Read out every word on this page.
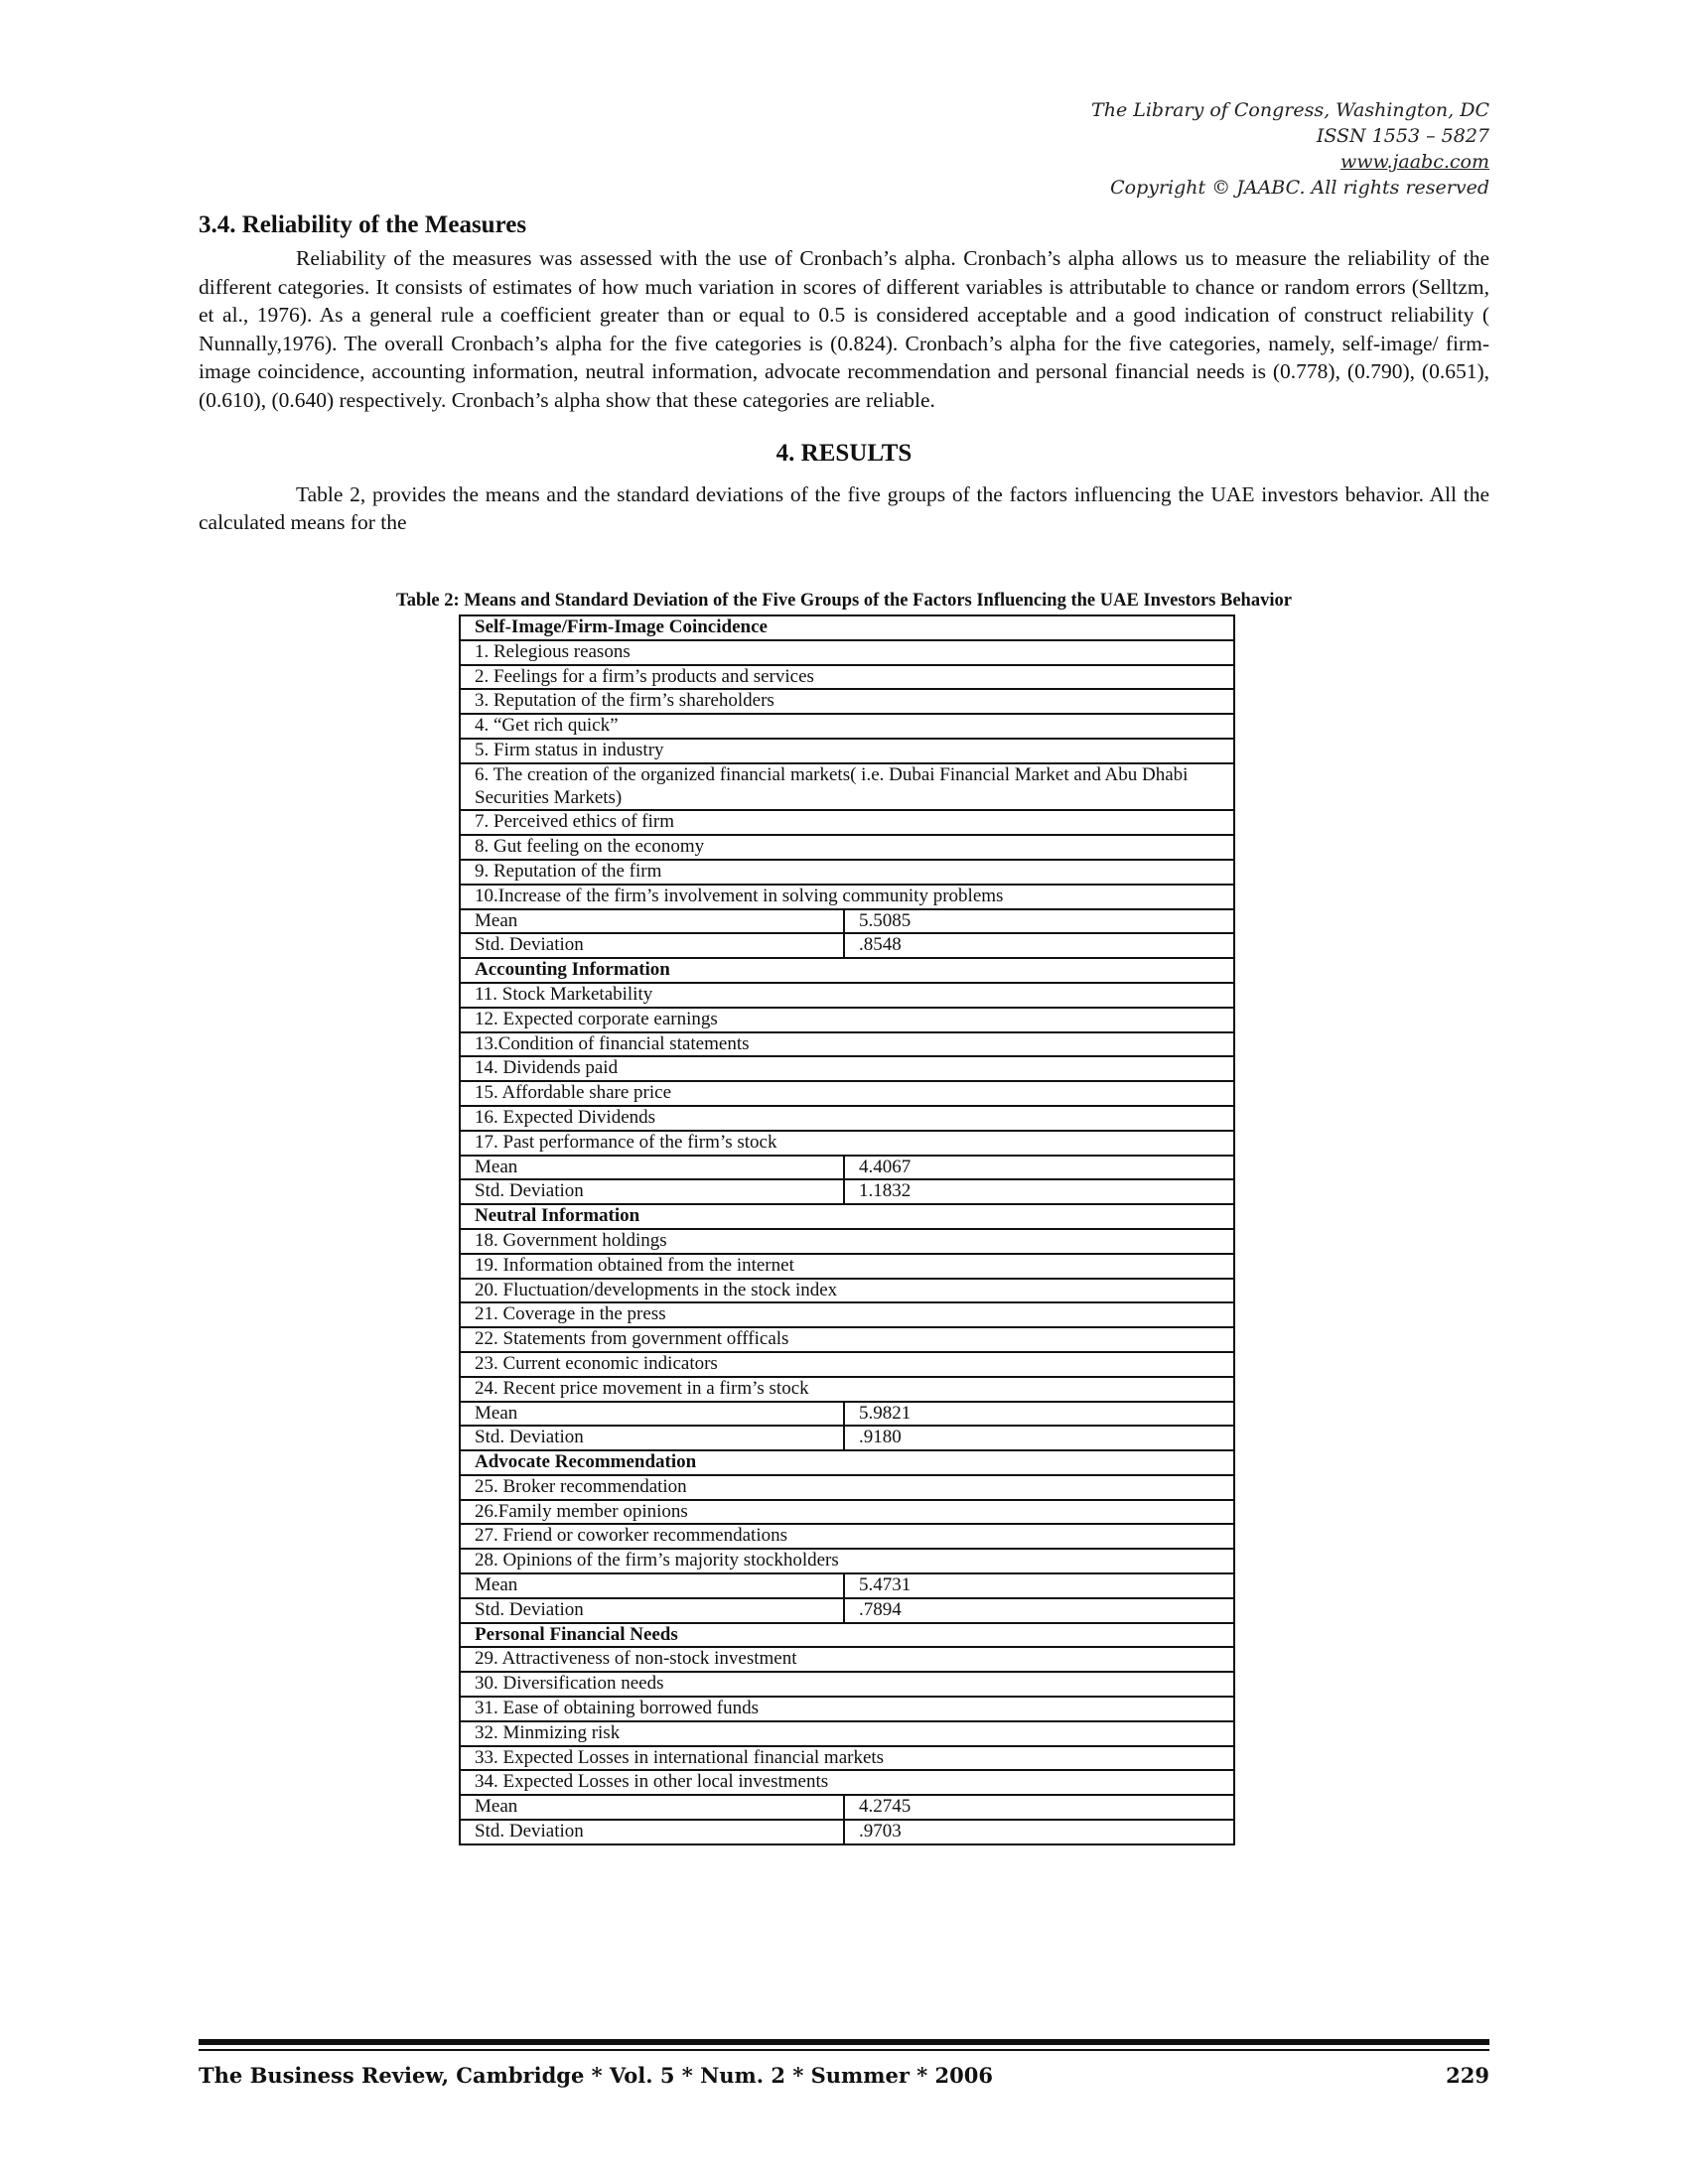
The Library of Congress, Washington, DC
ISSN 1553 – 5827
www.jaabc.com
Copyright © JAABC. All rights reserved
3.4. Reliability of the Measures

Reliability of the measures was assessed with the use of Cronbach’s alpha. Cronbach’s alpha allows us to measure the reliability of the different categories. It consists of estimates of how much variation in scores of different variables is attributable to chance or random errors (Selltzm, et al., 1976). As a general rule a coefficient greater than or equal to 0.5 is considered acceptable and a good indication of construct reliability ( Nunnally,1976). The overall Cronbach’s alpha for the five categories is (0.824). Cronbach’s alpha for the five categories, namely, self-image/ firm-image coincidence, accounting information, neutral information, advocate recommendation and personal financial needs is (0.778), (0.790), (0.651), (0.610), (0.640) respectively. Cronbach’s alpha show that these categories are reliable.

4. RESULTS

Table 2, provides the means and the standard deviations of the five groups of the factors influencing the UAE investors behavior. All the calculated means for the

Table 2: Means and Standard Deviation of the Five Groups of the Factors Influencing the UAE Investors Behavior
Self-Image/Firm-Image Coincidence	
1. Relegious reasons	
2. Feelings for a firm’s products and services	
3. Reputation of the firm’s shareholders	
4. “Get rich quick”	
5. Firm status in industry	
6. The creation of the organized financial markets( i.e. Dubai Financial Market and Abu Dhabi Securities Markets)	
7. Perceived ethics of firm	
8. Gut feeling on the economy	
9. Reputation of the firm	
10.Increase of the firm’s involvement in solving community problems	
Mean	5.5085
Std. Deviation	.8548
Accounting Information	
11. Stock Marketability	
12. Expected corporate earnings	
13.Condition of financial statements	
14. Dividends paid	
15. Affordable share price	
16. Expected Dividends	
17. Past performance of the firm’s stock	
Mean	4.4067
Std. Deviation	1.1832
Neutral Information	
18. Government holdings	
19. Information obtained from the internet	
20. Fluctuation/developments in the stock index	
21. Coverage in the press	
22. Statements from government offficals	
23. Current economic indicators	
24. Recent price movement in a firm’s stock	
Mean	5.9821
Std. Deviation	.9180
Advocate Recommendation	
25. Broker recommendation	
26.Family member opinions	
27. Friend or coworker recommendations	
28. Opinions of the firm’s majority stockholders	
Mean	5.4731
Std. Deviation	.7894
Personal Financial Needs	
29. Attractiveness of non-stock investment	
30. Diversification needs	
31. Ease of obtaining borrowed funds	
32. Minmizing risk	
33. Expected Losses in international financial markets	
34. Expected Losses in other local investments	
Mean	4.2745
Std. Deviation	.9703
The Business Review, Cambridge * Vol. 5 * Num. 2 * Summer * 2006	229
